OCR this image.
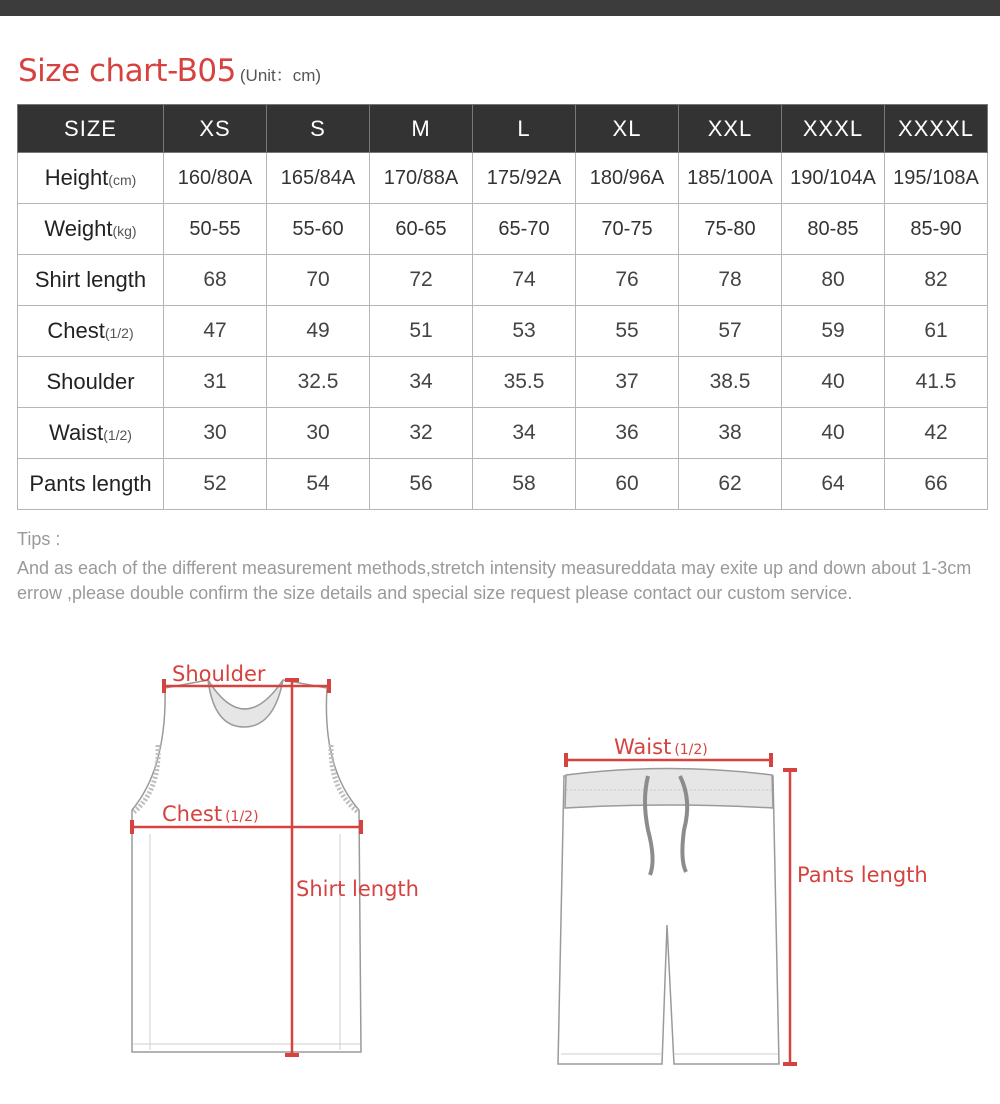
Size chart-B05 (Unit：cm)
SIZE	XS	S	M	L	XL	XXL	XXXL	XXXXL
Height(cm)	160/80A	165/84A	170/88A	175/92A	180/96A	185/100A	190/104A	195/108A
Weight(kg)	50-55	55-60	60-65	65-70	70-75	75-80	80-85	85-90
Shirt length	68	70	72	74	76	78	80	82
Chest(1/2)	47	49	51	53	55	57	59	61
Shoulder	31	32.5	34	35.5	37	38.5	40	41.5
Waist(1/2)	30	30	32	34	36	38	40	42
Pants length	52	54	56	58	60	62	64	66
Tips :
And as each of the different measurement methods,stretch intensity measureddata may exite up and down about 1-3cm errow ,please double confirm the size details and special size request please contact our custom service.
Shoulder
Chest (1/2)
Shirt length
Waist (1/2)
Pants length
